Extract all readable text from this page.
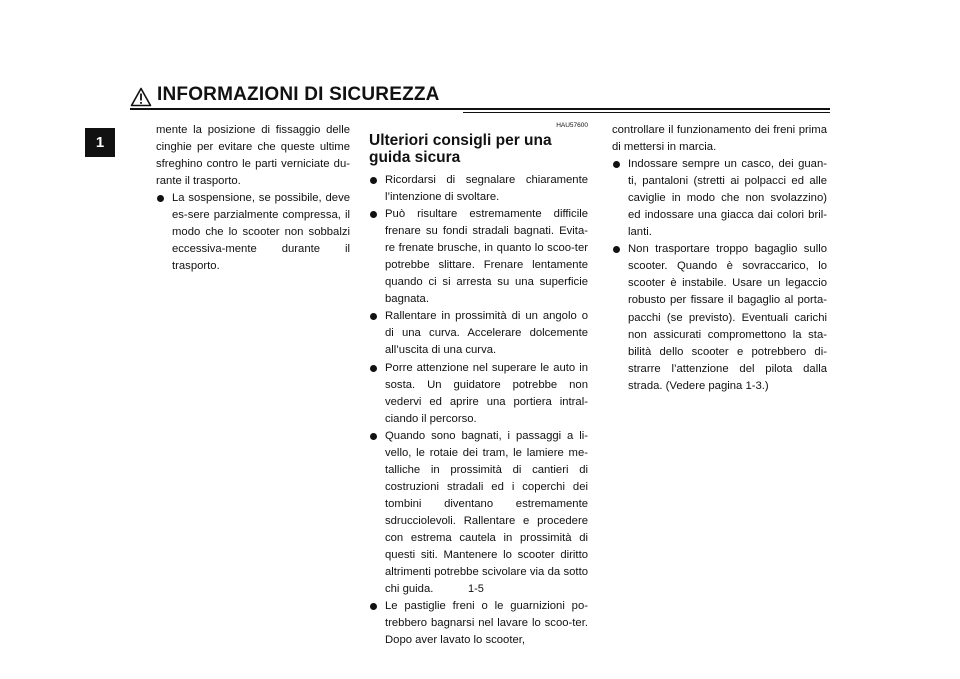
INFORMAZIONI DI SICUREZZA
1

mente la posizione di fissaggio delle cinghie per evitare che queste ultime sfreghino contro le parti verniciate du-rante il trasporto.

La sospensione, se possibile, deve es-sere parzialmente compressa, il modo che lo scooter non sobbalzi eccessiva-mente durante il trasporto.
HAU57600
Ulteriori consigli per una guida sicura
Ricordarsi di segnalare chiaramente l’intenzione di svoltare.
Può risultare estremamente difficile frenare su fondi stradali bagnati. Evita-re frenate brusche, in quanto lo scoo-ter potrebbe slittare. Frenare lentamente quando ci si arresta su una superficie bagnata.
Rallentare in prossimità di un angolo o di una curva. Accelerare dolcemente all’uscita di una curva.
Porre attenzione nel superare le auto in sosta. Un guidatore potrebbe non vedervi ed aprire una portiera intral-ciando il percorso.
Quando sono bagnati, i passaggi a li-vello, le rotaie dei tram, le lamiere me-talliche in prossimità di cantieri di costruzioni stradali ed i coperchi dei tombini diventano estremamente sdrucciolevoli. Rallentare e procedere con estrema cautela in prossimità di questi siti. Mantenere lo scooter diritto altrimenti potrebbe scivolare via da sotto chi guida.
Le pastiglie freni o le guarnizioni po-trebbero bagnarsi nel lavare lo scoo-ter. Dopo aver lavato lo scooter,

controllare il funzionamento dei freni prima di mettersi in marcia.

Indossare sempre un casco, dei guan-ti, pantaloni (stretti ai polpacci ed alle caviglie in modo che non svolazzino) ed indossare una giacca dai colori bril-lanti.
Non trasportare troppo bagaglio sullo scooter. Quando è sovraccarico, lo scooter è instabile. Usare un legaccio robusto per fissare il bagaglio al porta-pacchi (se previsto). Eventuali carichi non assicurati compromettono la sta-bilità dello scooter e potrebbero di-strarre l’attenzione del pilota dalla strada. (Vedere pagina 1-3.)
1-5
